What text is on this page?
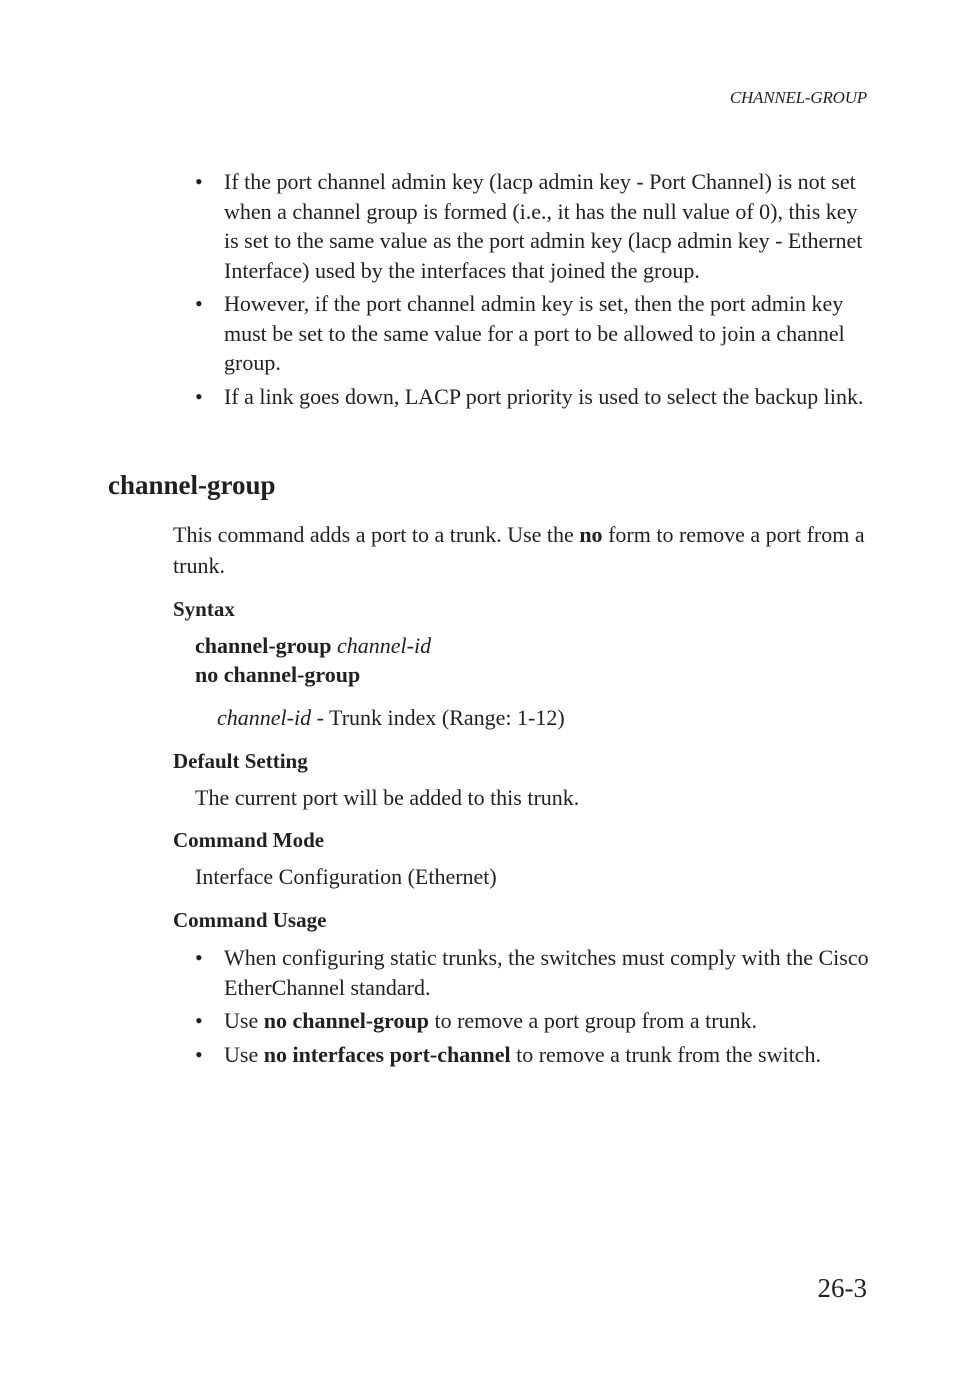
CHANNEL-GROUP
• If the port channel admin key (lacp admin key - Port Channel) is not set when a channel group is formed (i.e., it has the null value of 0), this key is set to the same value as the port admin key (lacp admin key - Ethernet Interface) used by the interfaces that joined the group.
• However, if the port channel admin key is set, then the port admin key must be set to the same value for a port to be allowed to join a channel group.
• If a link goes down, LACP port priority is used to select the backup link.
channel-group

This command adds a port to a trunk. Use the no form to remove a port from a trunk.

Syntax
channel-group channel-id
no channel-group
channel-id - Trunk index (Range: 1-12)
Default Setting

The current port will be added to this trunk.

Command Mode

Interface Configuration (Ethernet)

Command Usage
• When configuring static trunks, the switches must comply with the Cisco EtherChannel standard.
• Use no channel-group to remove a port group from a trunk.
• Use no interfaces port-channel to remove a trunk from the switch.
26-3
